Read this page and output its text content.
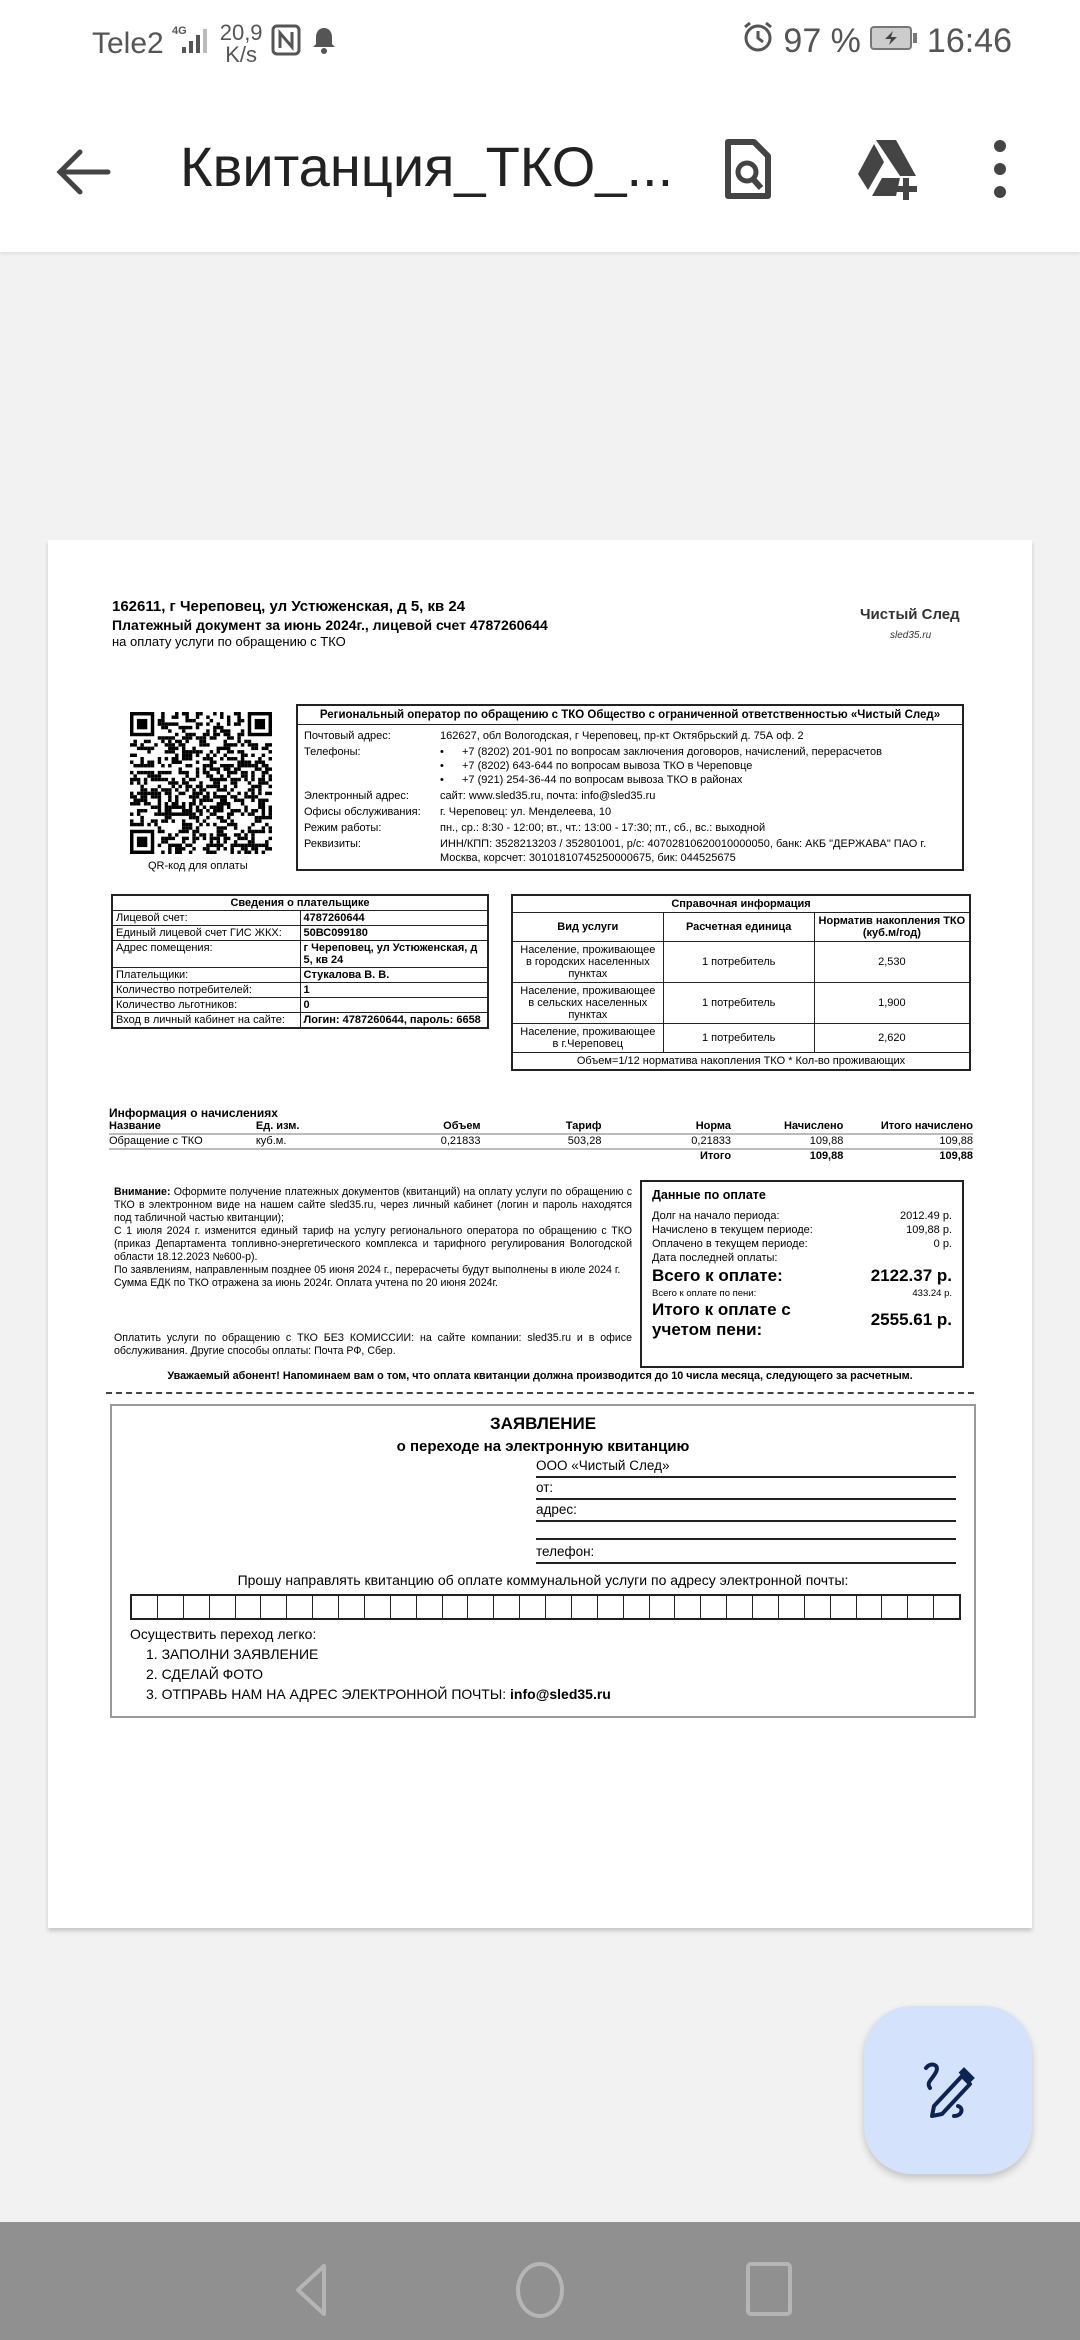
Tele2 4G 20,9
K/s	97 % 16:46
Квитанция_ТКО_...
162611, г Череповец, ул Устюженская, д 5, кв 24
Платежный документ за июнь 2024г., лицевой счет 4787260644
на оплату услуги по обращению с ТКО
Чистый След
sled35.ru
QR-код для оплаты
Региональный оператор по обращению с ТКО Общество с ограниченной ответственностью «Чистый След»
Почтовый адрес:	162627, обл Вологодская, г Череповец, пр-кт Октябрьский д. 75А оф. 2
Телефоны:	•	+7 (8202) 201-901 по вопросам заключения договоров, начислений, перерасчетов
•	+7 (8202) 643-644 по вопросам вывоза ТКО в Череповце
•	+7 (921) 254-36-44 по вопросам вывоза ТКО в районах
Электронный адрес:	сайт: www.sled35.ru, почта: info@sled35.ru
Офисы обслуживания:	г. Череповец: ул. Менделеева, 10
Режим работы:	пн., ср.: 8:30 - 12:00; вт., чт.: 13:00 - 17:30; пт., сб., вс.: выходной
Реквизиты:	ИНН/КПП: 3528213203 / 352801001, р/с: 40702810620010000050, банк: АКБ "ДЕРЖАВА" ПАО г. Москва, корсчет: 30101810745250000675, бик: 044525675
Сведения о плательщике	
Лицевой счет:	4787260644
Единый лицевой счет ГИС ЖКХ:	50ВС099180
Адрес помещения:	г Череповец, ул Устюженская, д 5, кв 24
Плательщики:	Стукалова В. В.
Количество потребителей:	1
Количество льготников:	0
Вход в личный кабинет на сайте:	Логин: 4787260644, пароль: 6658
Справочная информация		
Вид услуги	Расчетная единица	Норматив накопления ТКО (куб.м/год)
Население, проживающее в городских населенных пунктах	1 потребитель	2,530
Население, проживающее в сельских населенных пунктах	1 потребитель	1,900
Население, проживающее в г.Череповец	1 потребитель	2,620
Объем=1/12 норматива накопления ТКО * Кол-во проживающих		
Информация о начислениях
Название	Ед. изм.	Объем	Тариф	Норма	Начислено	Итого начислено
Обращение с ТКО	куб.м.	0,21833	503,28	0,21833	109,88	109,88
				Итого	109,88	109,88

Внимание: Оформите получение платежных документов (квитанций) на оплату услуги по обращению с ТКО в электронном виде на нашем сайте sled35.ru, через личный кабинет (логин и пароль находятся под табличной частью квитанции);

С 1 июля 2024 г. изменится единый тариф на услугу регионального оператора по обращению с ТКО (приказ Департамента топливно-энергетического комплекса и тарифного регулирования Вологодской области 18.12.2023 №600-р).

По заявлениям, направленным позднее 05 июня 2024 г., перерасчеты будут выполнены в июле 2024 г.

Сумма ЕДК по ТКО отражена за июнь 2024г. Оплата учтена по 20 июня 2024г.

Оплатить услуги по обращению с ТКО БЕЗ КОМИССИИ: на сайте компании: sled35.ru и в офисе обслуживания. Другие способы оплаты: Почта РФ, Сбер.
Данные по оплате
Долг на начало периода:	2012.49 р.
Начислено в текущем периоде:	109,88 р.
Оплачено в текущем периоде:	0 р.
Дата последней оплаты:
Всего к оплате:	2122.37 р.
Всего к оплате по пени:	433.24 р.
Итого к оплате с учетом пени:
2555.61 р.
Уважаемый абонент! Напоминаем вам о том, что оплата квитанции должна производится до 10 числа месяца, следующего за расчетным.
ЗАЯВЛЕНИЕ
о переходе на электронную квитанцию
ООО «Чистый След»
от:
адрес:
телефон:
Прошу направлять квитанцию об оплате коммунальной услуги по адресу электронной почты:
Осуществить переход легко:
1. ЗАПОЛНИ ЗАЯВЛЕНИЕ
2. СДЕЛАЙ ФОТО
3. ОТПРАВЬ НАМ НА АДРЕС ЭЛЕКТРОННОЙ ПОЧТЫ: info@sled35.ru
